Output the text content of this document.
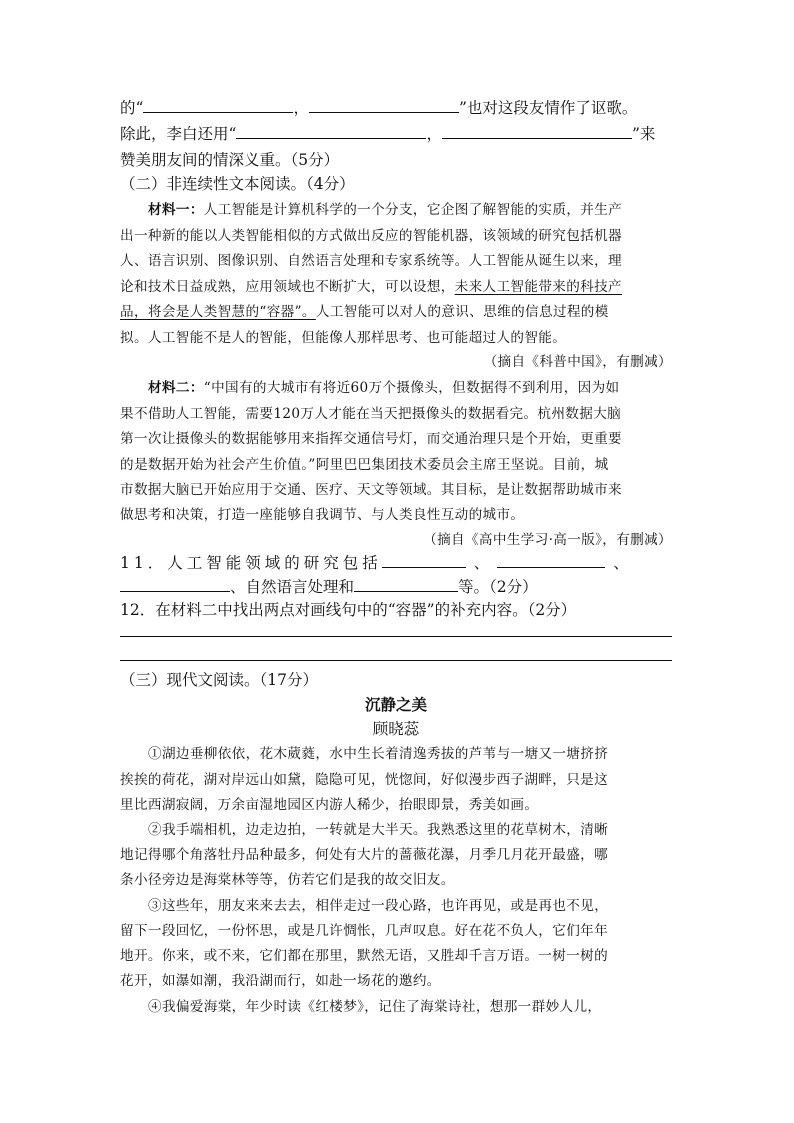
的“	，	”也对这段友情作了讴歌。
除此，李白还用“	，	”来
赞美朋友间的情深义重。（5分）
（二）非连续性文本阅读。（4分）
材料一：人工智能是计算机科学的一个分支，它企图了解智能的实质，并生产
出一种新的能以人类智能相似的方式做出反应的智能机器，该领域的研究包括机器
人、语言识别、图像识别、自然语言处理和专家系统等。人工智能从诞生以来，理
论和技术日益成熟，应用领域也不断扩大，可以设想，未来人工智能带来的科技产
品，将会是人类智慧的“容器”。人工智能可以对人的意识、思维的信息过程的模
拟。人工智能不是人的智能，但能像人那样思考、也可能超过人的智能。
（摘自《科普中国》，有删减）
材料二：“中国有的大城市有将近60万个摄像头，但数据得不到利用，因为如
果不借助人工智能，需要120万人才能在当天把摄像头的数据看完。杭州数据大脑
第一次让摄像头的数据能够用来指挥交通信号灯，而交通治理只是个开始，更重要
的是数据开始为社会产生价值。”阿里巴巴集团技术委员会主席王坚说。目前，城
市数据大脑已开始应用于交通、医疗、天文等领域。其目标，是让数据帮助城市来
做思考和决策，打造一座能够自我调节、与人类良性互动的城市。
（摘自《高中生学习·高一版》，有删减）
11．人工智能领域的研究包括	、	、
、自然语言处理和	等。（2分）
12．在材料二中找出两点对画线句中的“容器”的补充内容。（2分）
（三）现代文阅读。（17分）
沉静之美
顾晓蕊
①湖边垂柳依依，花木葳蕤，水中生长着清逸秀拔的芦苇与一塘又一塘挤挤
挨挨的荷花，湖对岸远山如黛，隐隐可见，恍惚间，好似漫步西子湖畔，只是这
里比西湖寂阔，万余亩湿地园区内游人稀少，抬眼即景，秀美如画。
②我手端相机，边走边拍，一转就是大半天。我熟悉这里的花草树木，清晰
地记得哪个角落牡丹品种最多，何处有大片的蔷薇花瀑，月季几月花开最盛，哪
条小径旁边是海棠林等等，仿若它们是我的故交旧友。
③这些年，朋友来来去去，相伴走过一段心路，也许再见，或是再也不见，
留下一段回忆，一份怀思，或是几许惆怅，几声叹息。好在花不负人，它们年年
地开。你来，或不来，它们都在那里，默然无语，又胜却千言万语。一树一树的
花开，如瀑如潮，我沿湖而行，如赴一场花的邀约。
④我偏爱海棠，年少时读《红楼梦》，记住了海棠诗社，想那一群妙人儿，
